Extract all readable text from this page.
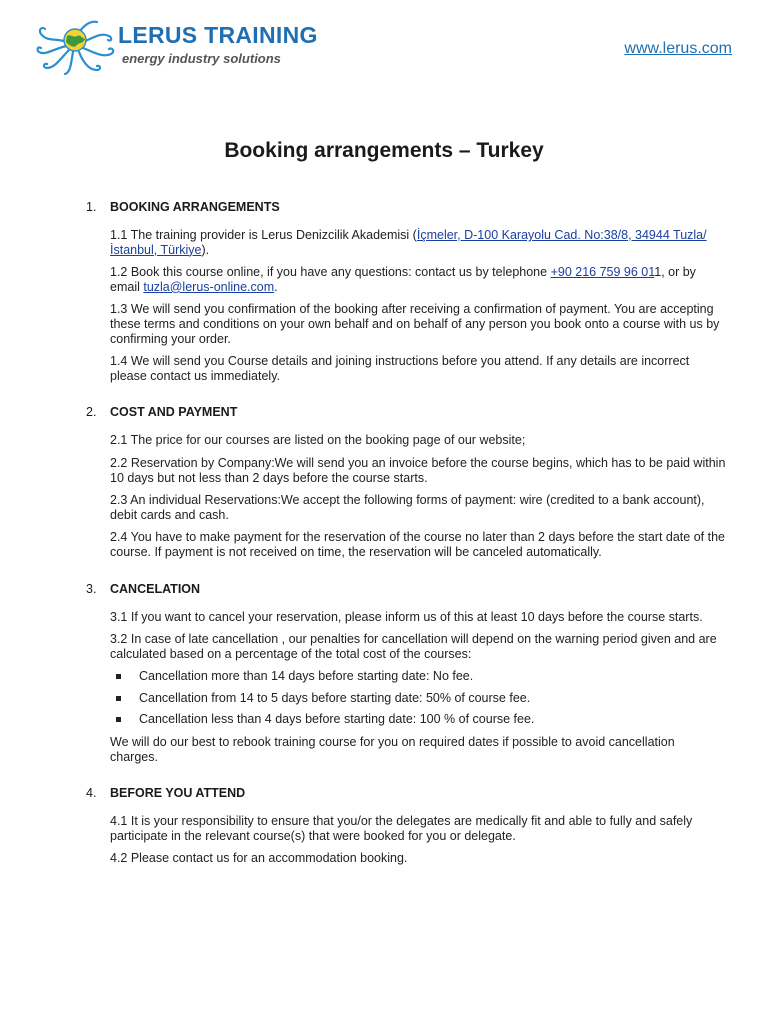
LERUS TRAINING
energy industry solutions
www.lerus.com
Booking arrangements – Turkey
1.	BOOKING ARRANGEMENTS
1.1 The training provider is Lerus Denizcilik Akademisi (İçmeler, D-100 Karayolu Cad. No:38/8, 34944 Tuzla/İstanbul, Türkiye).
1.2 Book this course online, if you have any questions: contact us by telephone +90 216 759 96 011, or by email tuzla@lerus-online.com.
1.3 We will send you confirmation of the booking after receiving a confirmation of payment. You are accepting these terms and conditions on your own behalf and on behalf of any person you book onto a course with us by confirming your order.
1.4 We will send you Course details and joining instructions before you attend. If any details are incorrect please contact us immediately.
2.	COST AND PAYMENT
2.1 The price for our courses are listed on the booking page of our website;
2.2 Reservation by Company:We will send you an invoice before the course begins, which has to be paid within 10 days but not less than 2 days before the course starts.
2.3 An individual Reservations:We accept the following forms of payment: wire (credited to a bank account), debit cards and cash.
2.4 You have to make payment for the reservation of the course no later than 2 days before the start date of the course. If payment is not received on time, the reservation will be canceled automatically.
3.	CANCELATION
3.1 If you want to cancel your reservation, please inform us of this at least 10 days before the course starts.
3.2 In case of late cancellation , our penalties for cancellation will depend on the warning period given and are calculated based on a percentage of the total cost of the courses:
Cancellation more than 14 days before starting date: No fee.
Cancellation from 14 to 5 days before starting date: 50% of course fee.
Cancellation less than 4 days before starting date: 100 % of course fee.
We will do our best to rebook training course for you on required dates if possible to avoid cancellation charges.
4.	BEFORE YOU ATTEND
4.1 It is your responsibility to ensure that you/or the delegates are medically fit and able to fully and safely participate in the relevant course(s) that were booked for you or delegate.
4.2 Please contact us for an accommodation booking.
